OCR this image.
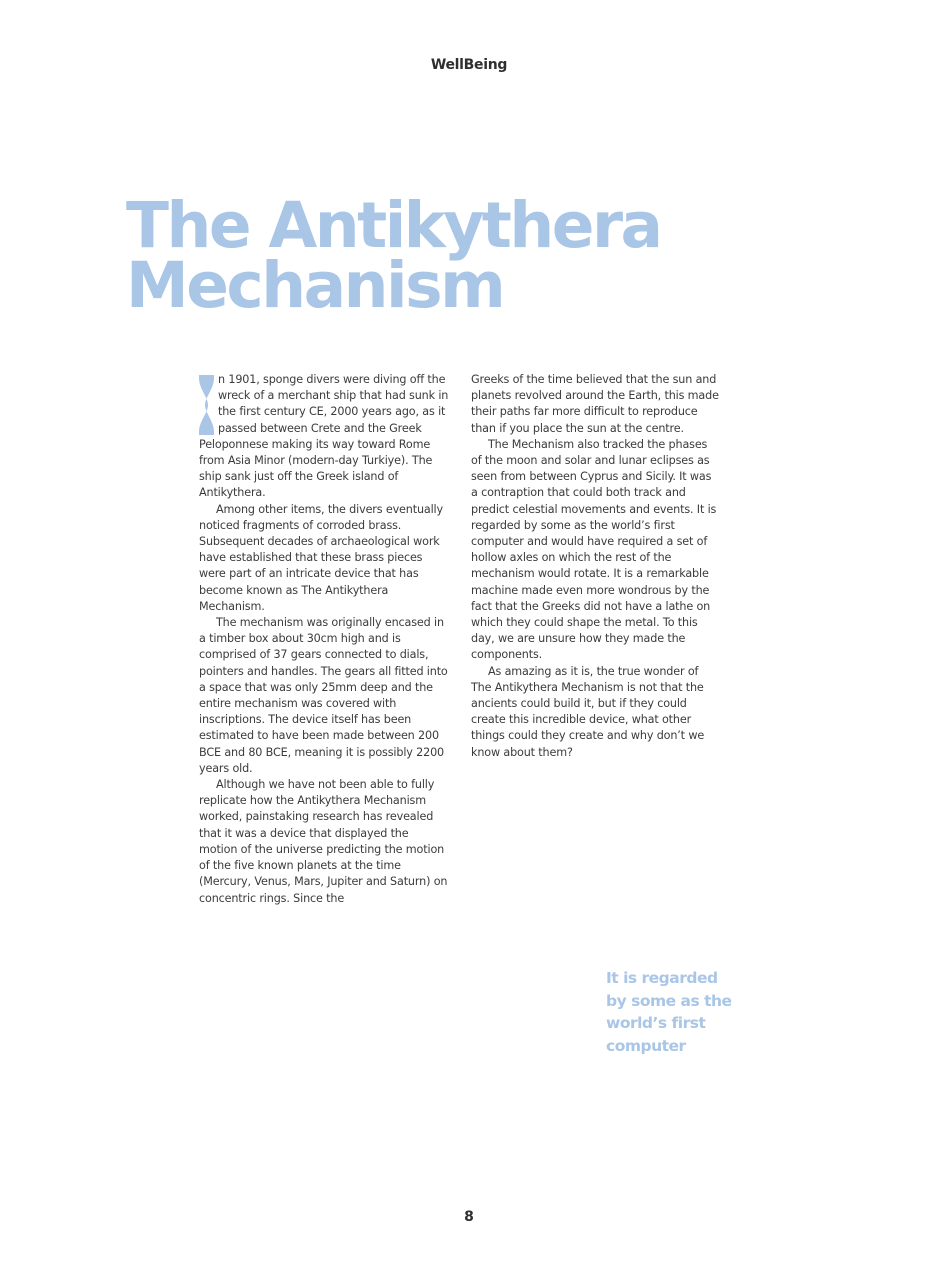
WellBeing
The Antikythera
Mechanism

n 1901, sponge divers were diving off the wreck of a merchant ship that had sunk in the first century CE, 2000 years ago, as it passed between Crete and the Greek Peloponnese making its way toward Rome from Asia Minor (modern-day Turkiye). The ship sank just off the Greek island of Antikythera.

Among other items, the divers eventually noticed fragments of corroded brass. Subsequent decades of archaeological work have established that these brass pieces were part of an intricate device that has become known as The Antikythera Mechanism.

The mechanism was originally encased in a timber box about 30cm high and is comprised of 37 gears connected to dials, pointers and handles. The gears all fitted into a space that was only 25mm deep and the entire mechanism was covered with inscriptions. The device itself has been estimated to have been made between 200 BCE and 80 BCE, meaning it is possibly 2200 years old.

Although we have not been able to fully replicate how the Antikythera Mechanism worked, painstaking research has revealed that it was a device that displayed the motion of the universe predicting the motion of the five known planets at the time (Mercury, Venus, Mars, Jupiter and Saturn) on concentric rings. Since the

Greeks of the time believed that the sun and planets revolved around the Earth, this made their paths far more difficult to reproduce than if you place the sun at the centre.

The Mechanism also tracked the phases of the moon and solar and lunar eclipses as seen from between Cyprus and Sicily. It was a contraption that could both track and predict celestial movements and events. It is regarded by some as the world’s first computer and would have required a set of hollow axles on which the rest of the mechanism would rotate. It is a remarkable machine made even more wondrous by the fact that the Greeks did not have a lathe on which they could shape the metal. To this day, we are unsure how they made the components.

As amazing as it is, the true wonder of The Antikythera Mechanism is not that the ancients could build it, but if they could create this incredible device, what other things could they create and why don’t we know about them?

It is regarded by some as the world’s first computer
8
